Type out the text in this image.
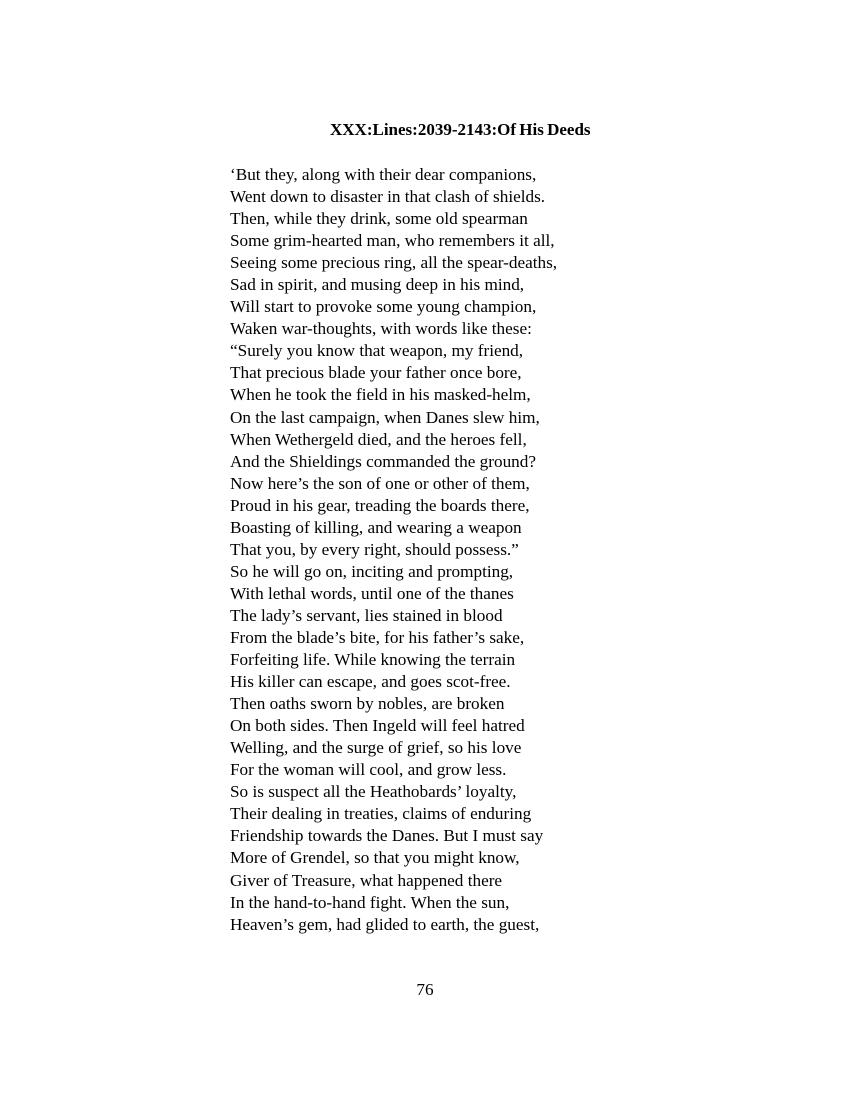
XXX:Lines:2039-2143:Of His Deeds
‘But they, along with their dear companions,
Went down to disaster in that clash of shields.
Then, while they drink, some old spearman
Some grim-hearted man, who remembers it all,
Seeing some precious ring, all the spear-deaths,
Sad in spirit, and musing deep in his mind,
Will start to provoke some young champion,
Waken war-thoughts, with words like these:
“Surely you know that weapon, my friend,
That precious blade your father once bore,
When he took the field in his masked-helm,
On the last campaign, when Danes slew him,
When Wethergeld died, and the heroes fell,
And the Shieldings commanded the ground?
Now here’s the son of one or other of them,
Proud in his gear, treading the boards there,
Boasting of killing, and wearing a weapon
That you, by every right, should possess.”
So he will go on, inciting and prompting,
With lethal words, until one of the thanes
The lady’s servant, lies stained in blood
From the blade’s bite, for his father’s sake,
Forfeiting life. While knowing the terrain
His killer can escape, and goes scot-free.
Then oaths sworn by nobles, are broken
On both sides. Then Ingeld will feel hatred
Welling, and the surge of grief, so his love
For the woman will cool, and grow less.
So is suspect all the Heathobards’ loyalty,
Their dealing in treaties, claims of enduring
Friendship towards the Danes. But I must say
More of Grendel, so that you might know,
Giver of Treasure, what happened there
In the hand-to-hand fight. When the sun,
Heaven’s gem, had glided to earth, the guest,
76
